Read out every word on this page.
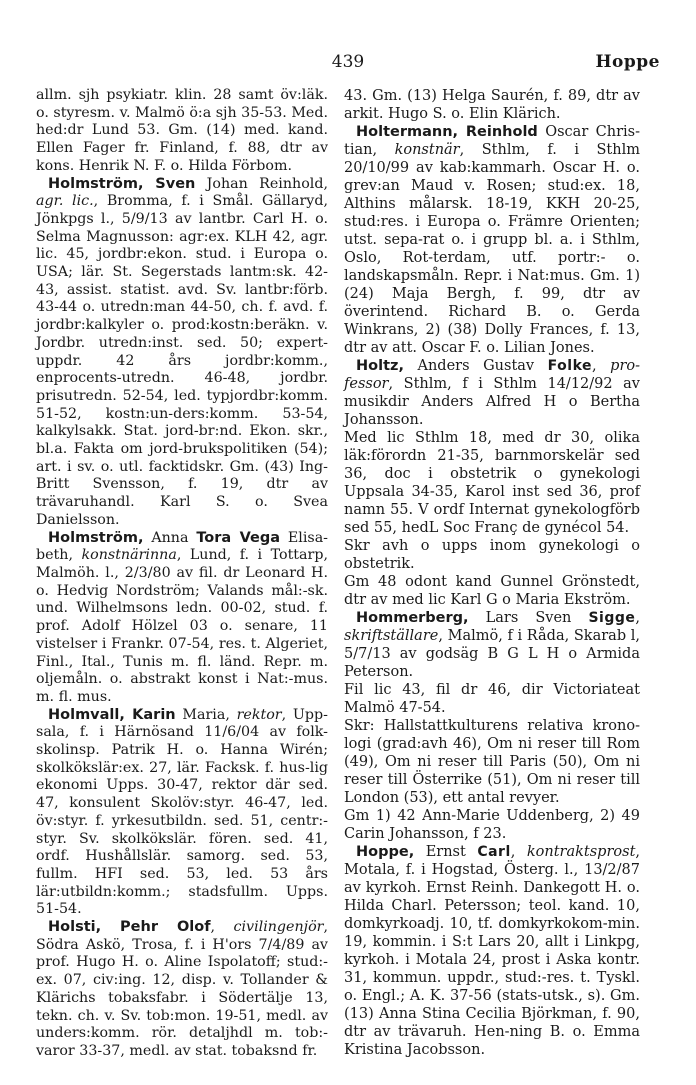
439	Hoppe

allm. sjh psykiatr. klin. 28 samt öv:läk. o. styresm. v. Malmö ö:a sjh 35-53. Med. hed:dr Lund 53. Gm. (14) med. kand. Ellen Fager fr. Finland, f. 88, dtr av kons. Henrik N. F. o. Hilda Förbom.

Holmström, Sven Johan Reinhold, agr. lic., Bromma, f. i Smål. Gällaryd, Jönkpgs l., 5/9/13 av lantbr. Carl H. o. Selma Magnusson: agr:ex. KLH 42, agr. lic. 45, jordbr:ekon. stud. i Europa o. USA; lär. St. Segerstads lantm:sk. 42-43, assist. statist. avd. Sv. lantbr:förb. 43-44 o. utredn:man 44-50, ch. f. avd. f. jordbr:kalkyler o. prod:kostn:beräkn. v. Jordbr. utredn:inst. sed. 50; expert-uppdr. 42 års jordbr:komm., enprocents-utredn. 46-48, jordbr. prisutredn. 52-54, led. typjordbr:komm. 51-52, kostn:un-ders:komm. 53-54, kalkylsakk. Stat. jord-br:nd. Ekon. skr., bl.a. Fakta om jord-brukspolitiken (54); art. i sv. o. utl. facktidskr. Gm. (43) Ing-Britt Svensson, f. 19, dtr av trävaruhandl. Karl S. o. Svea Danielsson.

Holmström, Anna Tora Vega Elisa-beth, konstnärinna, Lund, f. i Tottarp, Malmöh. l., 2/3/80 av fil. dr Leonard H. o. Hedvig Nordström; Valands mål:-sk. und. Wilhelmsons ledn. 00-02, stud. f. prof. Adolf Hölzel 03 o. senare, 11 vistelser i Frankr. 07-54, res. t. Algeriet, Finl., Ital., Tunis m. fl. länd. Repr. m. oljemåln. o. abstrakt konst i Nat:-mus. m. fl. mus.

Holmvall, Karin Maria, rektor, Upp-sala, f. i Härnösand 11/6/04 av folk-skolinsp. Patrik H. o. Hanna Wirén; skolkökslär:ex. 27, lär. Facksk. f. hus-lig ekonomi Upps. 30-47, rektor där sed. 47, konsulent Skolöv:styr. 46-47, led. öv:styr. f. yrkesutbildn. sed. 51, centr:-styr. Sv. skolkökslär. fören. sed. 41, ordf. Hushållslär. samorg. sed. 53, fullm. HFI sed. 53, led. 53 års lär:utbildn:komm.; stadsfullm. Upps. 51-54.

Holsti, Pehr Olof, civilingenjör, Södra Askö, Trosa, f. i H'ors 7/4/89 av prof. Hugo H. o. Aline Ispolatoff; stud:-ex. 07, civ:ing. 12, disp. v. Tollander & Klärichs tobaksfabr. i Södertälje 13, tekn. ch. v. Sv. tob:mon. 19-51, medl. av unders:komm. rör. detaljhdl m. tob:-varor 33-37, medl. av stat. tobaksnd fr.

43. Gm. (13) Helga Saurén, f. 89, dtr av arkit. Hugo S. o. Elin Klärich.

Holtermann, Reinhold Oscar Chris-tian, konstnär, Sthlm, f. i Sthlm 20/10/99 av kab:kammarh. Oscar H. o. grev:an Maud v. Rosen; stud:ex. 18, Althins målarsk. 18-19, KKH 20-25, stud:res. i Europa o. Främre Orienten; utst. sepa-rat o. i grupp bl. a. i Sthlm, Oslo, Rot-terdam, utf. portr:- o. landskapsmåln. Repr. i Nat:mus. Gm. 1) (24) Maja Bergh, f. 99, dtr av överintend. Richard B. o. Gerda Winkrans, 2) (38) Dolly Frances, f. 13, dtr av att. Oscar F. o. Lilian Jones.

Holtz, Anders Gustav Folke, pro-fessor, Sthlm, f i Sthlm 14/12/92 av musikdir Anders Alfred H o Bertha Johansson.

Med lic Sthlm 18, med dr 30, olika läk:förordn 21-35, barnmorskelär sed 36, doc i obstetrik o gynekologi Uppsala 34-35, Karol inst sed 36, prof namn 55. V ordf Internat gynekologförb sed 55, hedL Soc Franç de gynécol 54.

Skr avh o upps inom gynekologi o obstetrik.

Gm 48 odont kand Gunnel Grönstedt, dtr av med lic Karl G o Maria Ekström.

Hommerberg, Lars Sven Sigge, skriftställare, Malmö, f i Råda, Skarab l, 5/7/13 av godsäg B G L H o Armida Peterson.

Fil lic 43, fil dr 46, dir Victoriateat Malmö 47-54.

Skr: Hallstattkulturens relativa krono-logi (grad:avh 46), Om ni reser till Rom (49), Om ni reser till Paris (50), Om ni reser till Österrike (51), Om ni reser till London (53), ett antal revyer.

Gm 1) 42 Ann-Marie Uddenberg, 2) 49 Carin Johansson, f 23.

Hoppe, Ernst Carl, kontraktsprost, Motala, f. i Hogstad, Österg. l., 13/2/87 av kyrkoh. Ernst Reinh. Dankegott H. o. Hilda Charl. Petersson; teol. kand. 10, domkyrkoadj. 10, tf. domkyrkokom-min. 19, kommin. i S:t Lars 20, allt i Linkpg, kyrkoh. i Motala 24, prost i Aska kontr. 31, kommun. uppdr., stud:-res. t. Tyskl. o. Engl.; A. K. 37-56 (stats-utsk., s). Gm. (13) Anna Stina Cecilia Björkman, f. 90, dtr av trävaruh. Hen-ning B. o. Emma Kristina Jacobsson.
